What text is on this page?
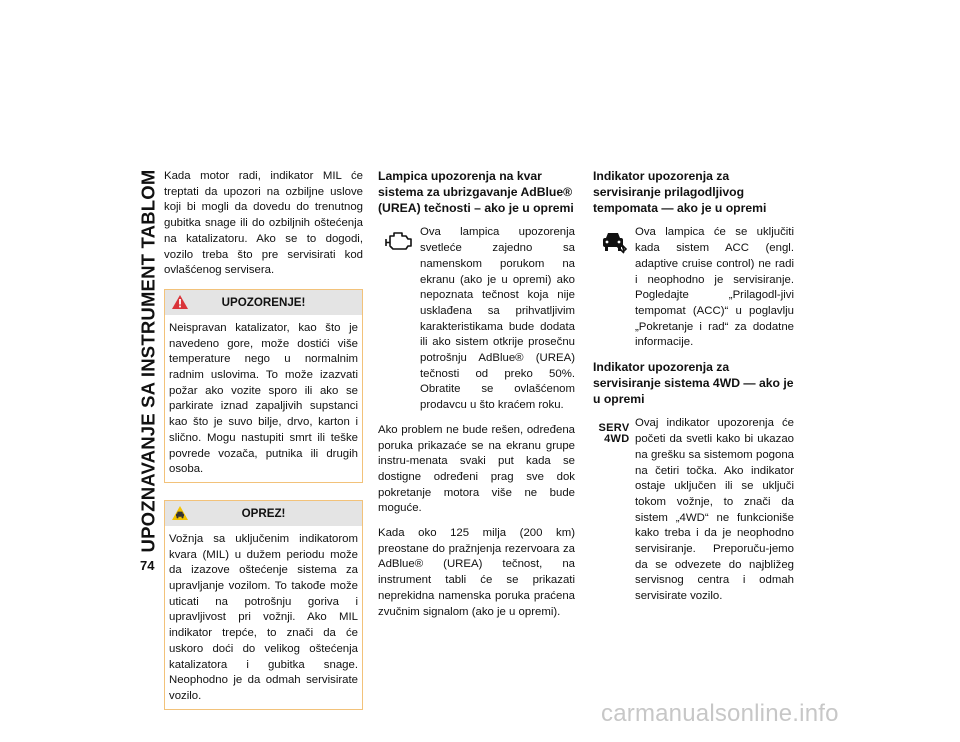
UPOZNAVANJE SA INSTRUMENT TABLOM
74

Kada motor radi, indikator MIL će treptati da upozori na ozbiljne uslove koji bi mogli da dovedu do trenutnog gubitka snage ili do ozbiljnih oštećenja na katalizatoru. Ako se to dogodi, vozilo treba što pre servisirati kod ovlašćenog servisera.

UPOZORENJE!

Neispravan katalizator, kao što je navedeno gore, može dostići više temperature nego u normalnim radnim uslovima. To može izazvati požar ako vozite sporo ili ako se parkirate iznad zapaljivih supstanci kao što je suvo bilje, drvo, karton i slično. Mogu nastupiti smrt ili teške povrede vozača, putnika ili drugih osoba.

OPREZ!

Vožnja sa uključenim indikatorom kvara (MIL) u dužem periodu može da izazove oštećenje sistema za upravljanje vozilom. To takođe može uticati na potrošnju goriva i upravljivost pri vožnji. Ako MIL indikator trepće, to znači da će uskoro doći do velikog oštećenja katalizatora i gubitka snage. Neophodno je da odmah servisirate vozilo.

Lampica upozorenja na kvar sistema za ubrizgavanje AdBlue® (UREA) tečnosti – ako je u opremi

Ova lampica upozorenja svetleće zajedno sa namenskom porukom na ekranu (ako je u opremi) ako nepoznata tečnost koja nije usklađena sa prihvatljivim karakteristikama bude dodata ili ako sistem otkrije prosečnu potrošnju AdBlue® (UREA) tečnosti od preko 50%. Obratite se ovlašćenom prodavcu u što kraćem roku.

Ako problem ne bude rešen, određena poruka prikazaće se na ekranu grupe instru-menata svaki put kada se dostigne određeni prag sve dok pokretanje motora više ne bude moguće.

Kada oko 125 milja (200 km) preostane do pražnjenja rezervoara za AdBlue® (UREA) tečnost, na instrument tabli će se prikazati neprekidna namenska poruka praćena zvučnim signalom (ako je u opremi).

Indikator upozorenja za servisiranje prilagodljivog tempomata — ako je u opremi

Ova lampica će se uključiti kada sistem ACC (engl. adaptive cruise control) ne radi i neophodno je servisiranje. Pogledajte „Prilagodl-jivi tempomat (ACC)“ u poglavlju „Pokretanje i rad“ za dodatne informacije.

Indikator upozorenja za servisiranje sistema 4WD — ako je u opremi
SERV
4WD

Ovaj indikator upozorenja će početi da svetli kako bi ukazao na grešku sa sistemom pogona na četiri točka. Ako indikator ostaje uključen ili se uključi tokom vožnje, to znači da sistem „4WD“ ne funkcioniše kako treba i da je neophodno servisiranje. Preporuču-jemo da se odvezete do najbližeg servisnog centra i odmah servisirate vozilo.

carmanualsonline.info
